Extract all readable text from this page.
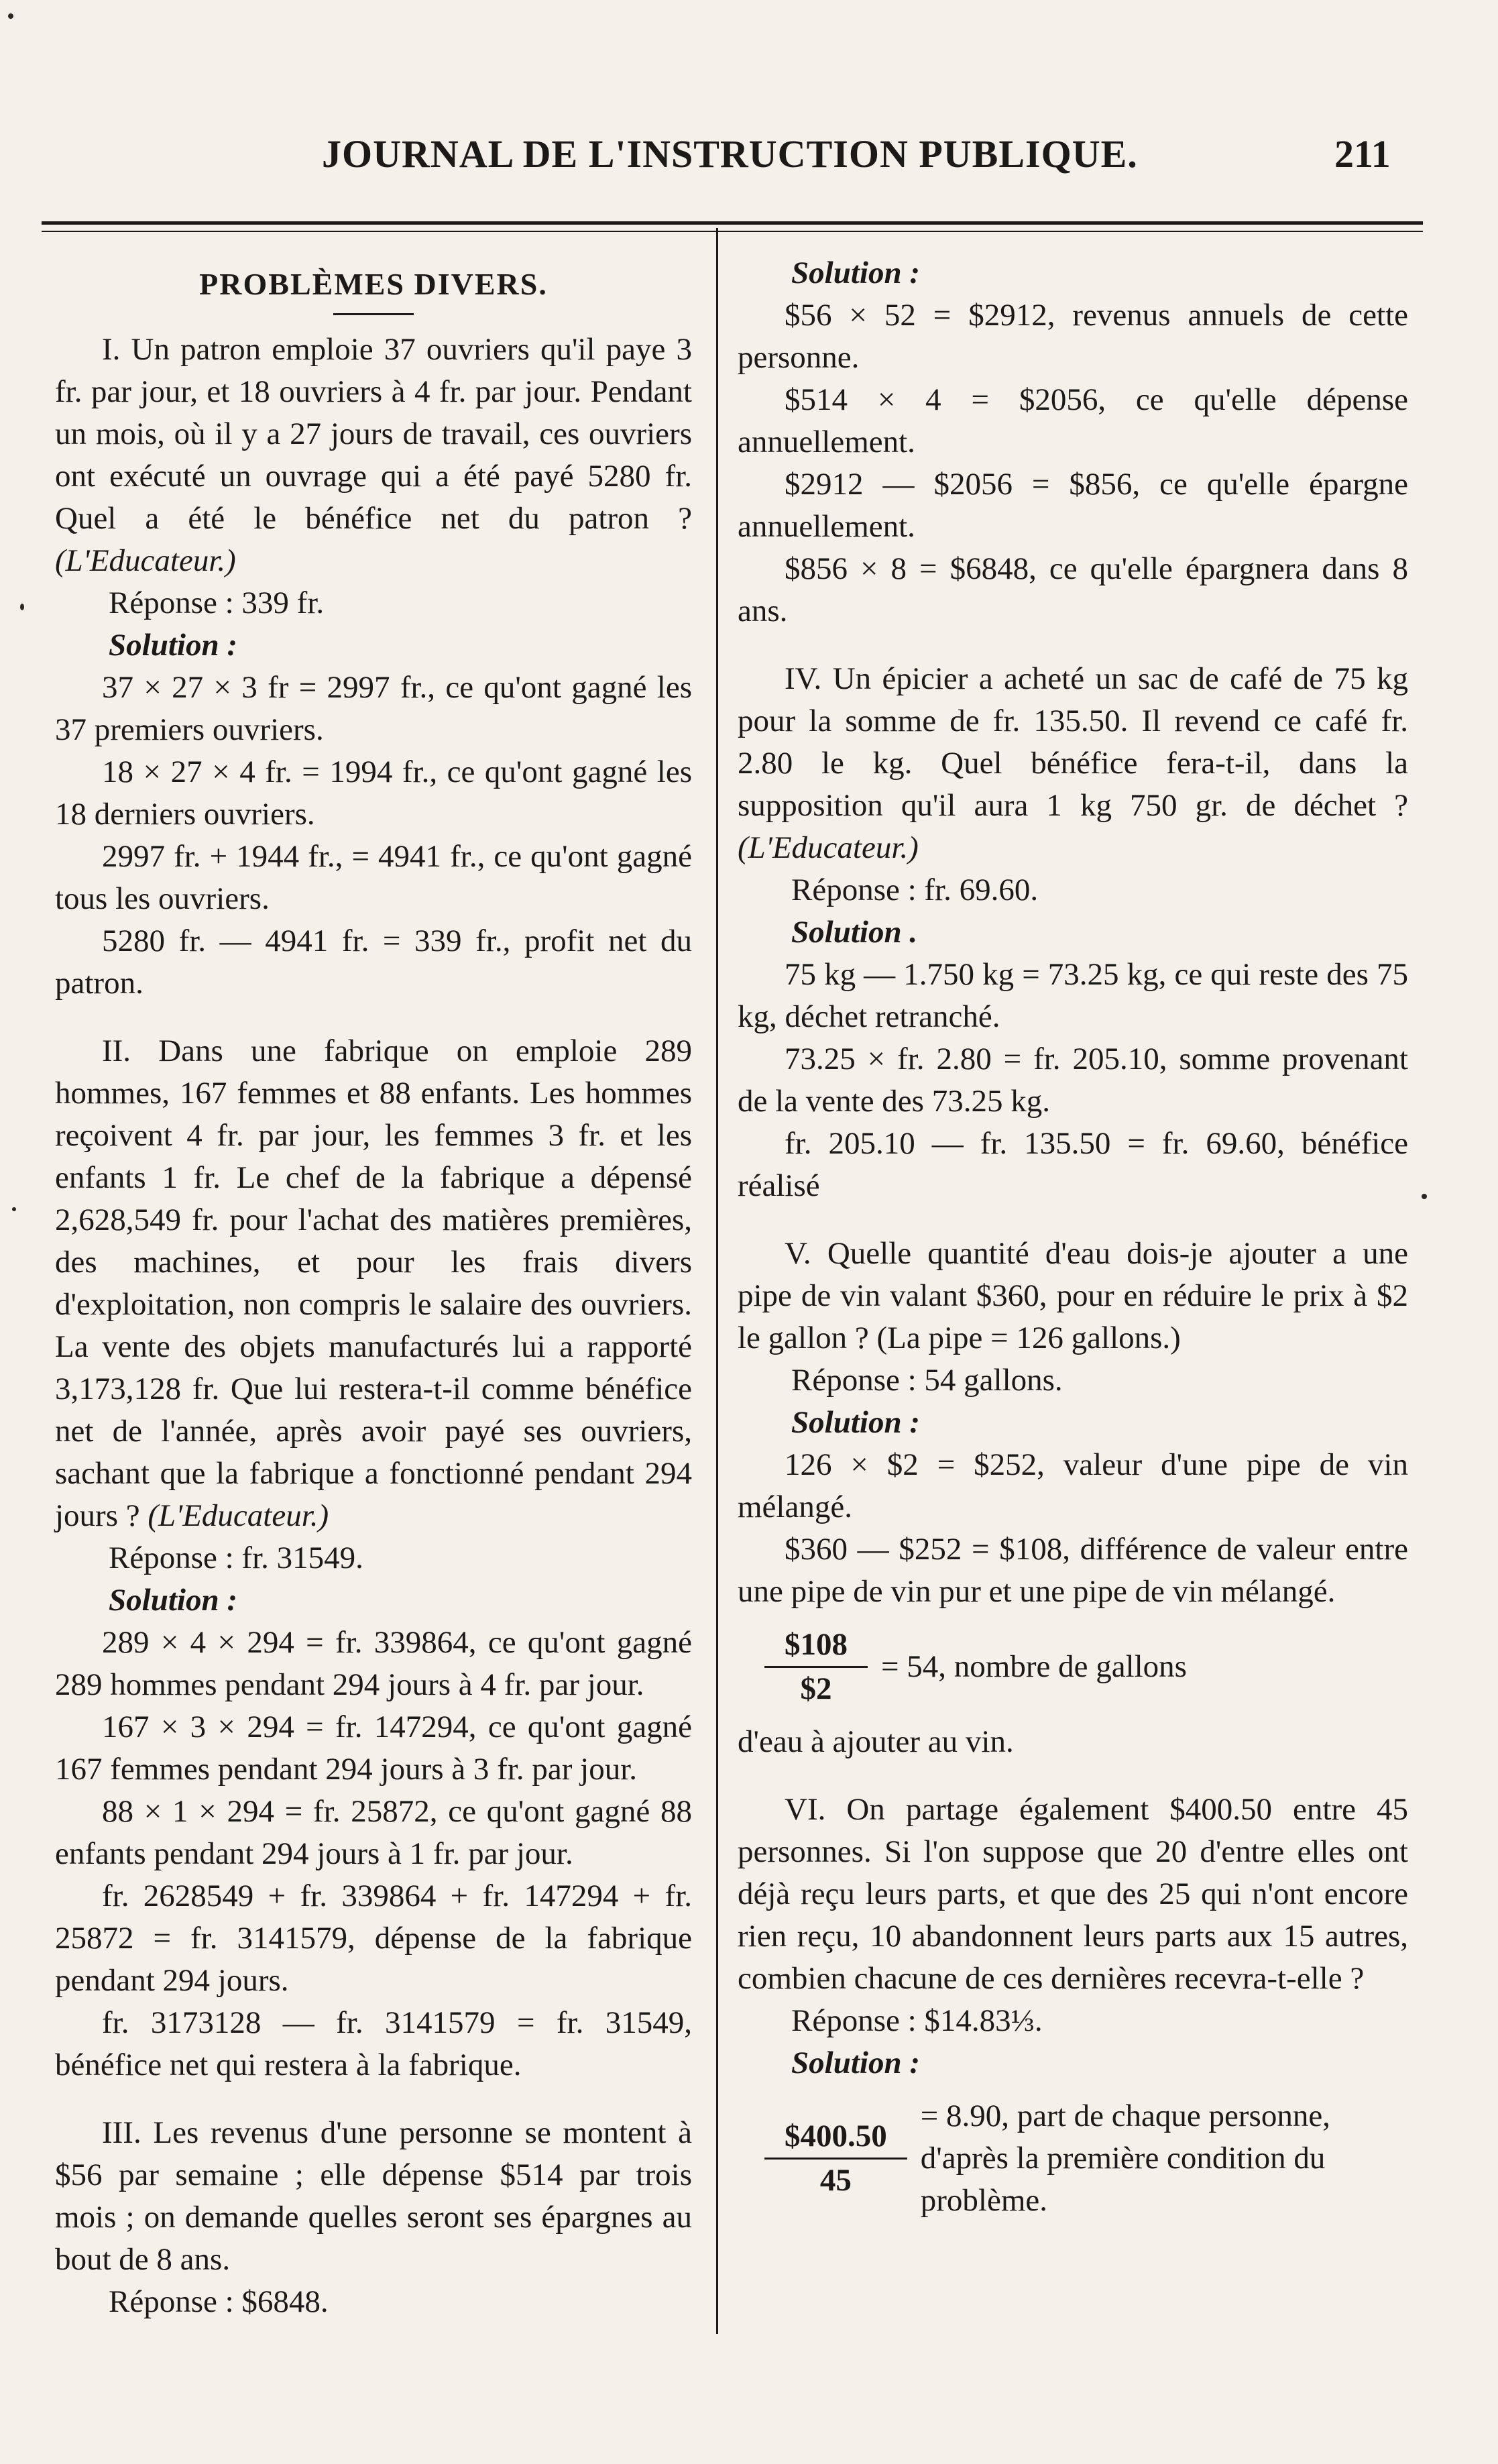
JOURNAL DE L'INSTRUCTION PUBLIQUE.	211

PROBLÈMES DIVERS.

I. Un patron emploie 37 ouvriers qu'il paye 3 fr. par jour, et 18 ouvriers à 4 fr. par jour. Pendant un mois, où il y a 27 jours de travail, ces ouvriers ont exécuté un ouvrage qui a été payé 5280 fr. Quel a été le bénéfice net du patron ? (L'Educateur.)

Réponse : 339 fr.

Solution :

37 × 27 × 3 fr = 2997 fr., ce qu'ont gagné les 37 premiers ouvriers.

18 × 27 × 4 fr. = 1994 fr., ce qu'ont gagné les 18 derniers ouvriers.

2997 fr. + 1944 fr., = 4941 fr., ce qu'ont gagné tous les ouvriers.

5280 fr. — 4941 fr. = 339 fr., profit net du patron.

II. Dans une fabrique on emploie 289 hommes, 167 femmes et 88 enfants. Les hommes reçoivent 4 fr. par jour, les femmes 3 fr. et les enfants 1 fr. Le chef de la fabrique a dépensé 2,628,549 fr. pour l'achat des matières premières, des machines, et pour les frais divers d'exploitation, non compris le salaire des ouvriers. La vente des objets manufacturés lui a rapporté 3,173,128 fr. Que lui restera-t-il comme bénéfice net de l'année, après avoir payé ses ouvriers, sachant que la fabrique a fonctionné pendant 294 jours ? (L'Educateur.)

Réponse : fr. 31549.

Solution :

289 × 4 × 294 = fr. 339864, ce qu'ont gagné 289 hommes pendant 294 jours à 4 fr. par jour.

167 × 3 × 294 = fr. 147294, ce qu'ont gagné 167 femmes pendant 294 jours à 3 fr. par jour.

88 × 1 × 294 = fr. 25872, ce qu'ont gagné 88 enfants pendant 294 jours à 1 fr. par jour.

fr. 2628549 + fr. 339864 + fr. 147294 + fr. 25872 = fr. 3141579, dépense de la fabrique pendant 294 jours.

fr. 3173128 — fr. 3141579 = fr. 31549, bénéfice net qui restera à la fabrique.

III. Les revenus d'une personne se montent à $56 par semaine ; elle dépense $514 par trois mois ; on demande quelles seront ses épargnes au bout de 8 ans.

Réponse : $6848.

Solution :

$56 × 52 = $2912, revenus annuels de cette personne.

$514 × 4 = $2056, ce qu'elle dépense annuellement.

$2912 — $2056 = $856, ce qu'elle épargne annuellement.

$856 × 8 = $6848, ce qu'elle épargnera dans 8 ans.

IV. Un épicier a acheté un sac de café de 75 kg pour la somme de fr. 135.50. Il revend ce café fr. 2.80 le kg. Quel bénéfice fera-t-il, dans la supposition qu'il aura 1 kg 750 gr. de déchet ? (L'Educateur.)

Réponse : fr. 69.60.

Solution .

75 kg — 1.750 kg = 73.25 kg, ce qui reste des 75 kg, déchet retranché.

73.25 × fr. 2.80 = fr. 205.10, somme provenant de la vente des 73.25 kg.

fr. 205.10 — fr. 135.50 = fr. 69.60, bénéfice réalisé

V. Quelle quantité d'eau dois-je ajouter a une pipe de vin valant $360, pour en réduire le prix à $2 le gallon ? (La pipe = 126 gallons.)

Réponse : 54 gallons.

Solution :

126 × $2 = $252, valeur d'une pipe de vin mélangé.

$360 — $252 = $108, différence de valeur entre une pipe de vin pur et une pipe de vin mélangé.

$\frac{\$108}{\$2} = 54$, nombre de gallons

d'eau à ajouter au vin.

VI. On partage également $400.50 entre 45 personnes. Si l'on suppose que 20 d'entre elles ont déjà reçu leurs parts, et que des 25 qui n'ont encore rien reçu, 10 abandonnent leurs parts aux 15 autres, combien chacune de ces dernières recevra-t-elle ?

Réponse : $14.83⅓.

Solution :

$\frac{\$400.50}{45} = 8.90$, part de chaque personne, d'après la première condition du problème.
